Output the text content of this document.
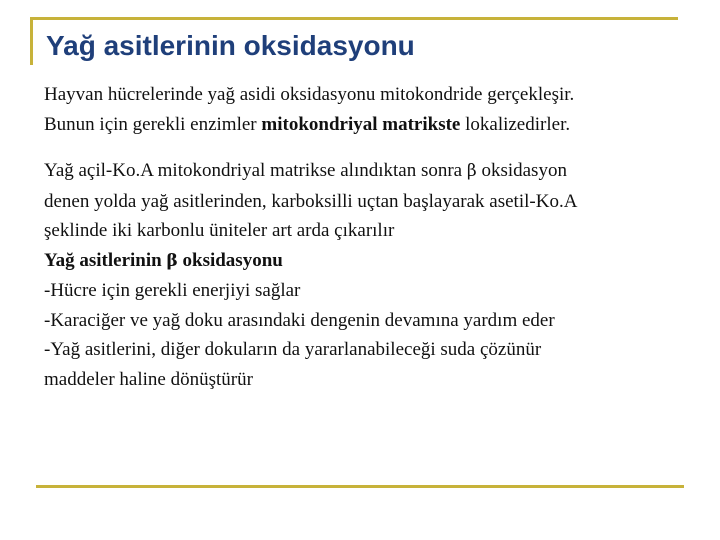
Yağ asitlerinin oksidasyonu
Hayvan hücrelerinde yağ asidi oksidasyonu mitokondride gerçekleşir.
Bunun için gerekli enzimler mitokondriyal matrikste lokalizedirler.
Yağ açil-Ko.A mitokondriyal matrikse alındıktan sonra β oksidasyon
denen yolda yağ asitlerinden, karboksilli uçtan başlayarak asetil-Ko.A
şeklinde iki karbonlu üniteler art arda çıkarılır
Yağ asitlerinin β oksidasyonu
-Hücre için gerekli enerjiyi sağlar
-Karaciğer ve yağ doku arasındaki dengenin devamına yardım eder
-Yağ asitlerini, diğer dokuların da yararlanabileceği suda çözünür
maddeler haline dönüştürür
